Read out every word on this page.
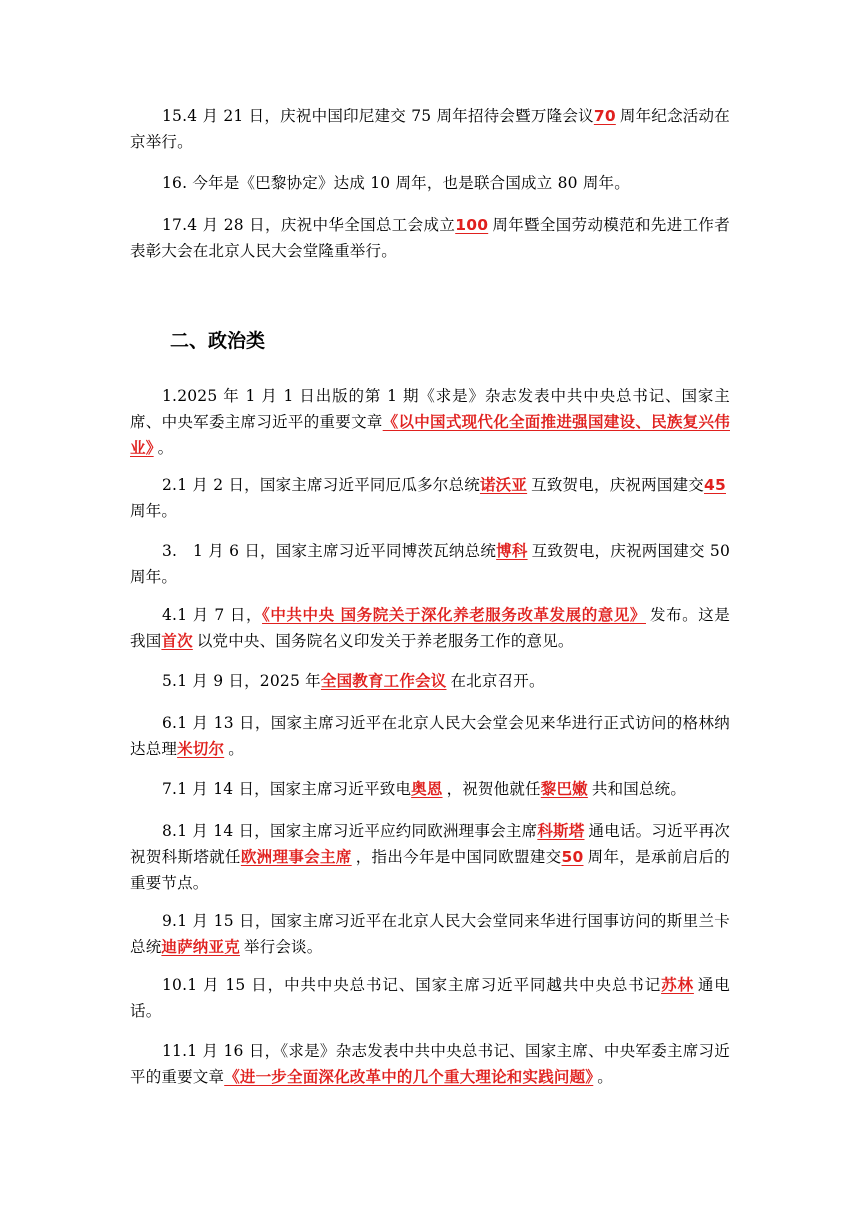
15.4 月 21 日，庆祝中国印尼建交 75 周年招待会暨万隆会议70 周年纪念活动在京举行。

16. 今年是《巴黎协定》达成 10 周年，也是联合国成立 80 周年。

17.4 月 28 日，庆祝中华全国总工会成立100 周年暨全国劳动模范和先进工作者表彰大会在北京人民大会堂隆重举行。

二、政治类

1.2025 年 1 月 1 日出版的第 1 期《求是》杂志发表中共中央总书记、国家主席、中央军委主席习近平的重要文章《以中国式现代化全面推进强国建设、民族复兴伟业》 。

2.1 月 2 日，国家主席习近平同厄瓜多尔总统诺沃亚 互致贺电，庆祝两国建交45周年。

3.　1 月 6 日，国家主席习近平同博茨瓦纳总统博科 互致贺电，庆祝两国建交 50 周年。

4.1 月 7 日，《中共中央 国务院关于深化养老服务改革发展的意见》 发布。这是我国首次 以党中央、国务院名义印发关于养老服务工作的意见。

5.1 月 9 日，2025 年全国教育工作会议 在北京召开。

6.1 月 13 日，国家主席习近平在北京人民大会堂会见来华进行正式访问的格林纳达总理米切尔 。

7.1 月 14 日，国家主席习近平致电奥恩 ，祝贺他就任黎巴嫩 共和国总统。

8.1 月 14 日，国家主席习近平应约同欧洲理事会主席科斯塔 通电话。习近平再次祝贺科斯塔就任欧洲理事会主席 ，指出今年是中国同欧盟建交50 周年，是承前启后的重要节点。

9.1 月 15 日，国家主席习近平在北京人民大会堂同来华进行国事访问的斯里兰卡总统迪萨纳亚克 举行会谈。

10.1 月 15 日，中共中央总书记、国家主席习近平同越共中央总书记苏林 通电话。

11.1 月 16 日，《求是》杂志发表中共中央总书记、国家主席、中央军委主席习近平的重要文章《进一步全面深化改革中的几个重大理论和实践问题》 。
